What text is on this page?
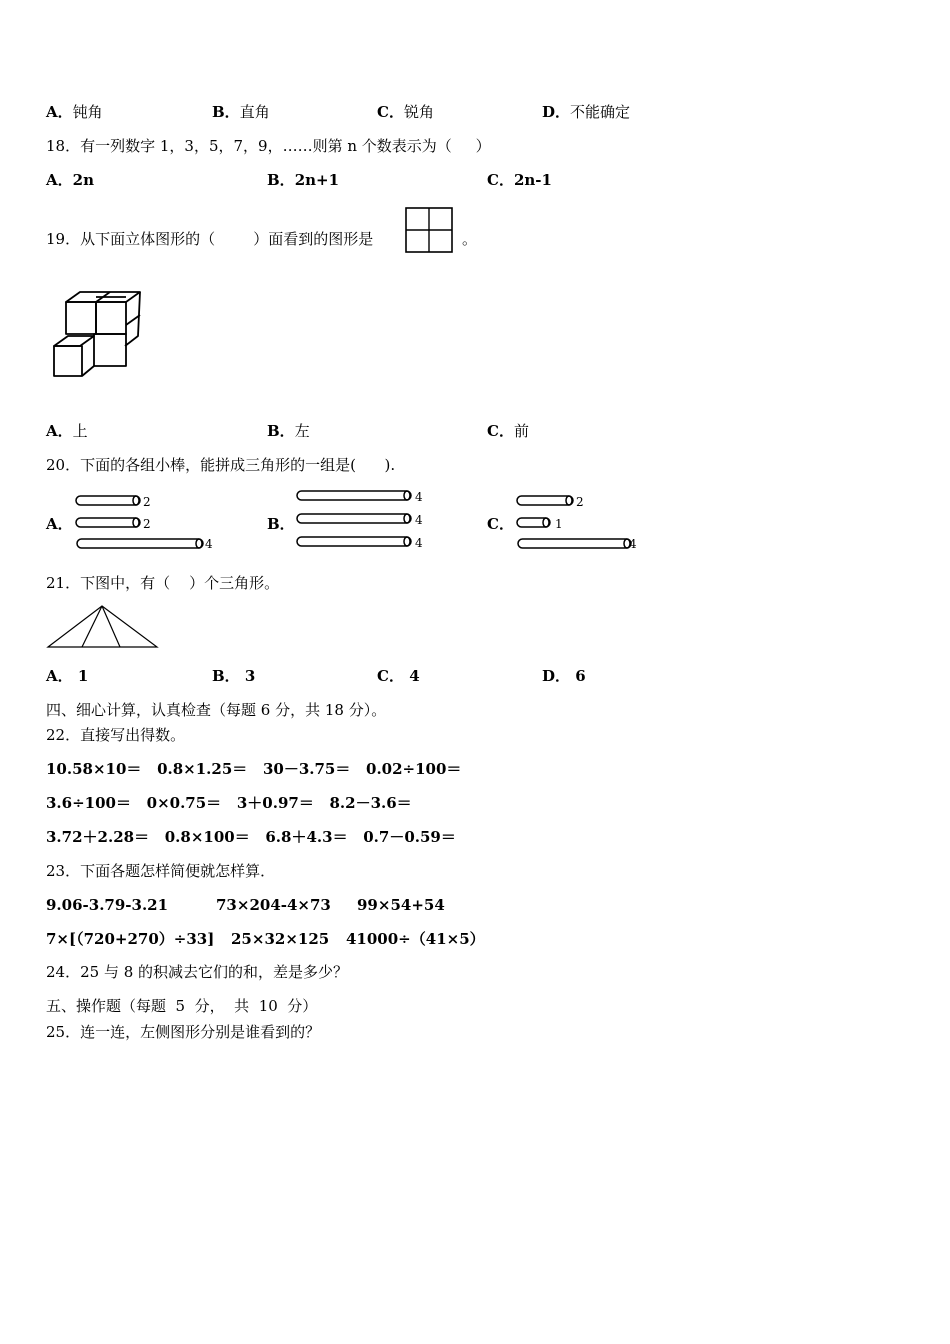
A．钝角	B．直角	C．锐角	D．不能确定
18．有一列数字 1，3，5，7，9，……则第 n 个数表示为（     ）
A．2n	B．2n+1	C．2n-1
19．从下面立体图形的（        ）面看到的图形是	。
A．上	B．左	C．前
20．下面的各组小棒，能拼成三角形的一组是(      ).
A．	B．	C．
2
2
4
4
4
4
2
1
4
21．下图中，有（    ）个三角形。
A． 1	B． 3	C． 4	D． 6
四、细心计算，认真检查（每题 6 分，共 18 分）。
22．直接写出得数。
10.58×10＝   0.8×1.25＝   30－3.75＝   0.02÷100＝
3.6÷100＝   0×0.75＝   3＋0.97＝   8.2－3.6＝
3.72＋2.28＝   0.8×100＝   6.8＋4.3＝   0.7－0.59＝
23．下面各题怎样简便就怎样算．
9.06-3.79-3.21	73×204-4×73 99×54+54
7×[（720+270）÷33] 25×32×125 41000÷（41×5）
24．25 与 8 的积减去它们的和，差是多少？
五、操作题（每题  5  分，  共  10  分）
25．连一连，左侧图形分别是谁看到的？
